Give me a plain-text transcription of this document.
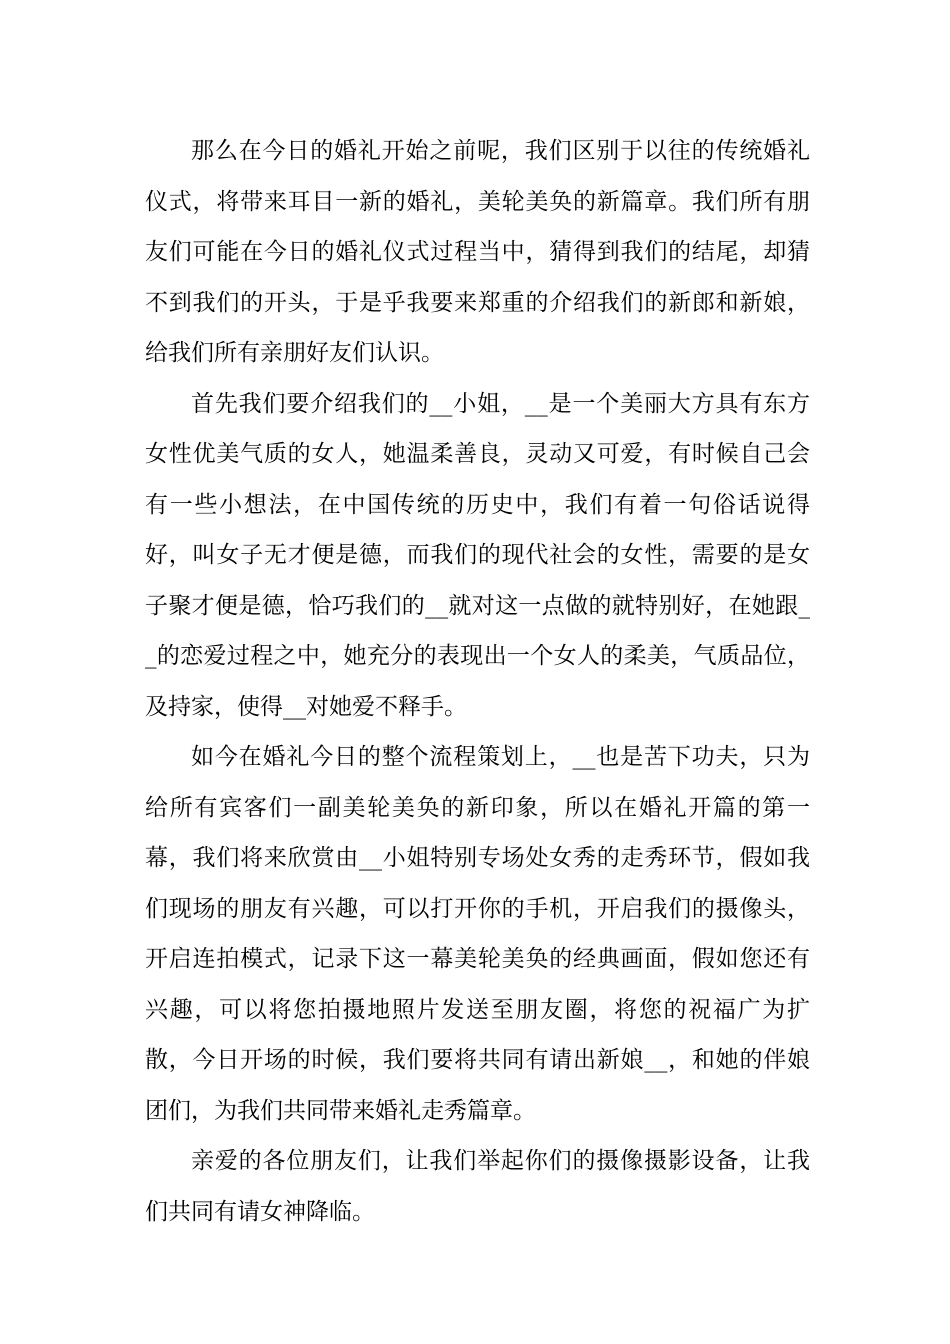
那么在今日的婚礼开始之前呢，我们区别于以往的传统婚礼仪式，将带来耳目一新的婚礼，美轮美奂的新篇章。我们所有朋友们可能在今日的婚礼仪式过程当中，猜得到我们的结尾，却猜不到我们的开头，于是乎我要来郑重的介绍我们的新郎和新娘，给我们所有亲朋好友们认识。

首先我们要介绍我们的__小姐，__是一个美丽大方具有东方女性优美气质的女人，她温柔善良，灵动又可爱，有时候自己会有一些小想法，在中国传统的历史中，我们有着一句俗话说得好，叫女子无才便是德，而我们的现代社会的女性，需要的是女子聚才便是德，恰巧我们的__就对这一点做的就特别好，在她跟__的恋爱过程之中，她充分的表现出一个女人的柔美，气质品位，及持家，使得__对她爱不释手。

如今在婚礼今日的整个流程策划上，__也是苦下功夫，只为给所有宾客们一副美轮美奂的新印象，所以在婚礼开篇的第一幕，我们将来欣赏由__小姐特别专场处女秀的走秀环节，假如我们现场的朋友有兴趣，可以打开你的手机，开启我们的摄像头，开启连拍模式，记录下这一幕美轮美奂的经典画面，假如您还有兴趣，可以将您拍摄地照片发送至朋友圈，将您的祝福广为扩散，今日开场的时候，我们要将共同有请出新娘__，和她的伴娘团们，为我们共同带来婚礼走秀篇章。

亲爱的各位朋友们，让我们举起你们的摄像摄影设备，让我们共同有请女神降临。
